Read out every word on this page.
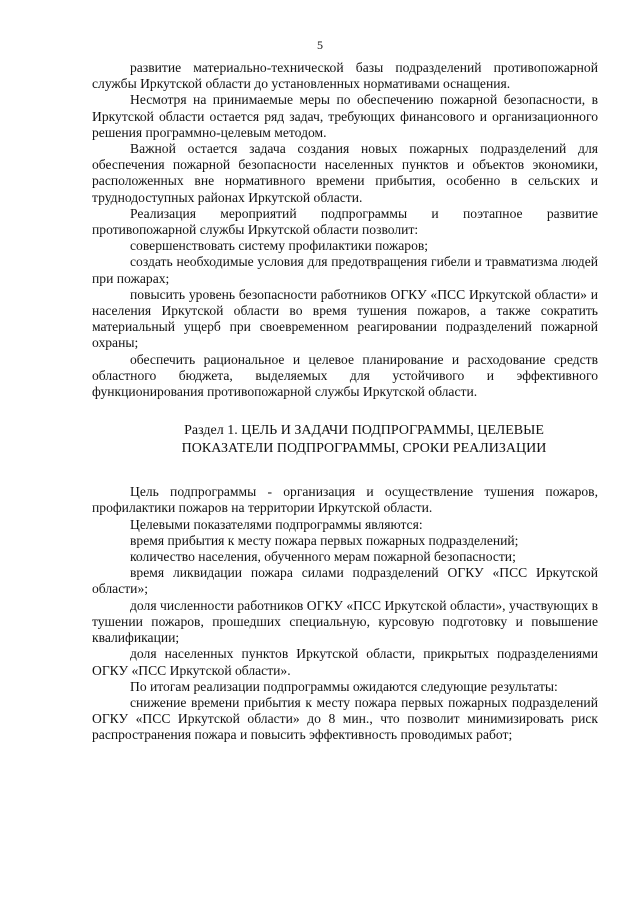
5

развитие материально-технической базы подразделений противопожарной службы Иркутской области до установленных нормативами оснащения.

Несмотря на принимаемые меры по обеспечению пожарной безопасности, в Иркутской области остается ряд задач, требующих финансового и организационного решения программно-целевым методом.

Важной остается задача создания новых пожарных подразделений для обеспечения пожарной безопасности населенных пунктов и объектов экономики, расположенных вне нормативного времени прибытия, особенно в сельских и труднодоступных районах Иркутской области.

Реализация мероприятий подпрограммы и поэтапное развитие противопожарной службы Иркутской области позволит:

совершенствовать систему профилактики пожаров;

создать необходимые условия для предотвращения гибели и травматизма людей при пожарах;

повысить уровень безопасности работников ОГКУ «ПСС Иркутской области» и населения Иркутской области во время тушения пожаров, а также сократить материальный ущерб при своевременном реагировании подразделений пожарной охраны;

обеспечить рациональное и целевое планирование и расходование средств областного бюджета, выделяемых для устойчивого и эффективного функционирования противопожарной службы Иркутской области.

Раздел 1. ЦЕЛЬ И ЗАДАЧИ ПОДПРОГРАММЫ, ЦЕЛЕВЫЕ
ПОКАЗАТЕЛИ ПОДПРОГРАММЫ, СРОКИ РЕАЛИЗАЦИИ

Цель подпрограммы - организация и осуществление тушения пожаров, профилактики пожаров на территории Иркутской области.

Целевыми показателями подпрограммы являются:

время прибытия к месту пожара первых пожарных подразделений;

количество населения, обученного мерам пожарной безопасности;

время ликвидации пожара силами подразделений ОГКУ «ПСС Иркутской области»;

доля численности работников ОГКУ «ПСС Иркутской области», участвующих в тушении пожаров, прошедших специальную, курсовую подготовку и повышение квалификации;

доля населенных пунктов Иркутской области, прикрытых подразделениями ОГКУ «ПСС Иркутской области».

По итогам реализации подпрограммы ожидаются следующие результаты:

снижение времени прибытия к месту пожара первых пожарных подразделений ОГКУ «ПСС Иркутской области» до 8 мин., что позволит минимизировать риск распространения пожара и повысить эффективность проводимых работ;
